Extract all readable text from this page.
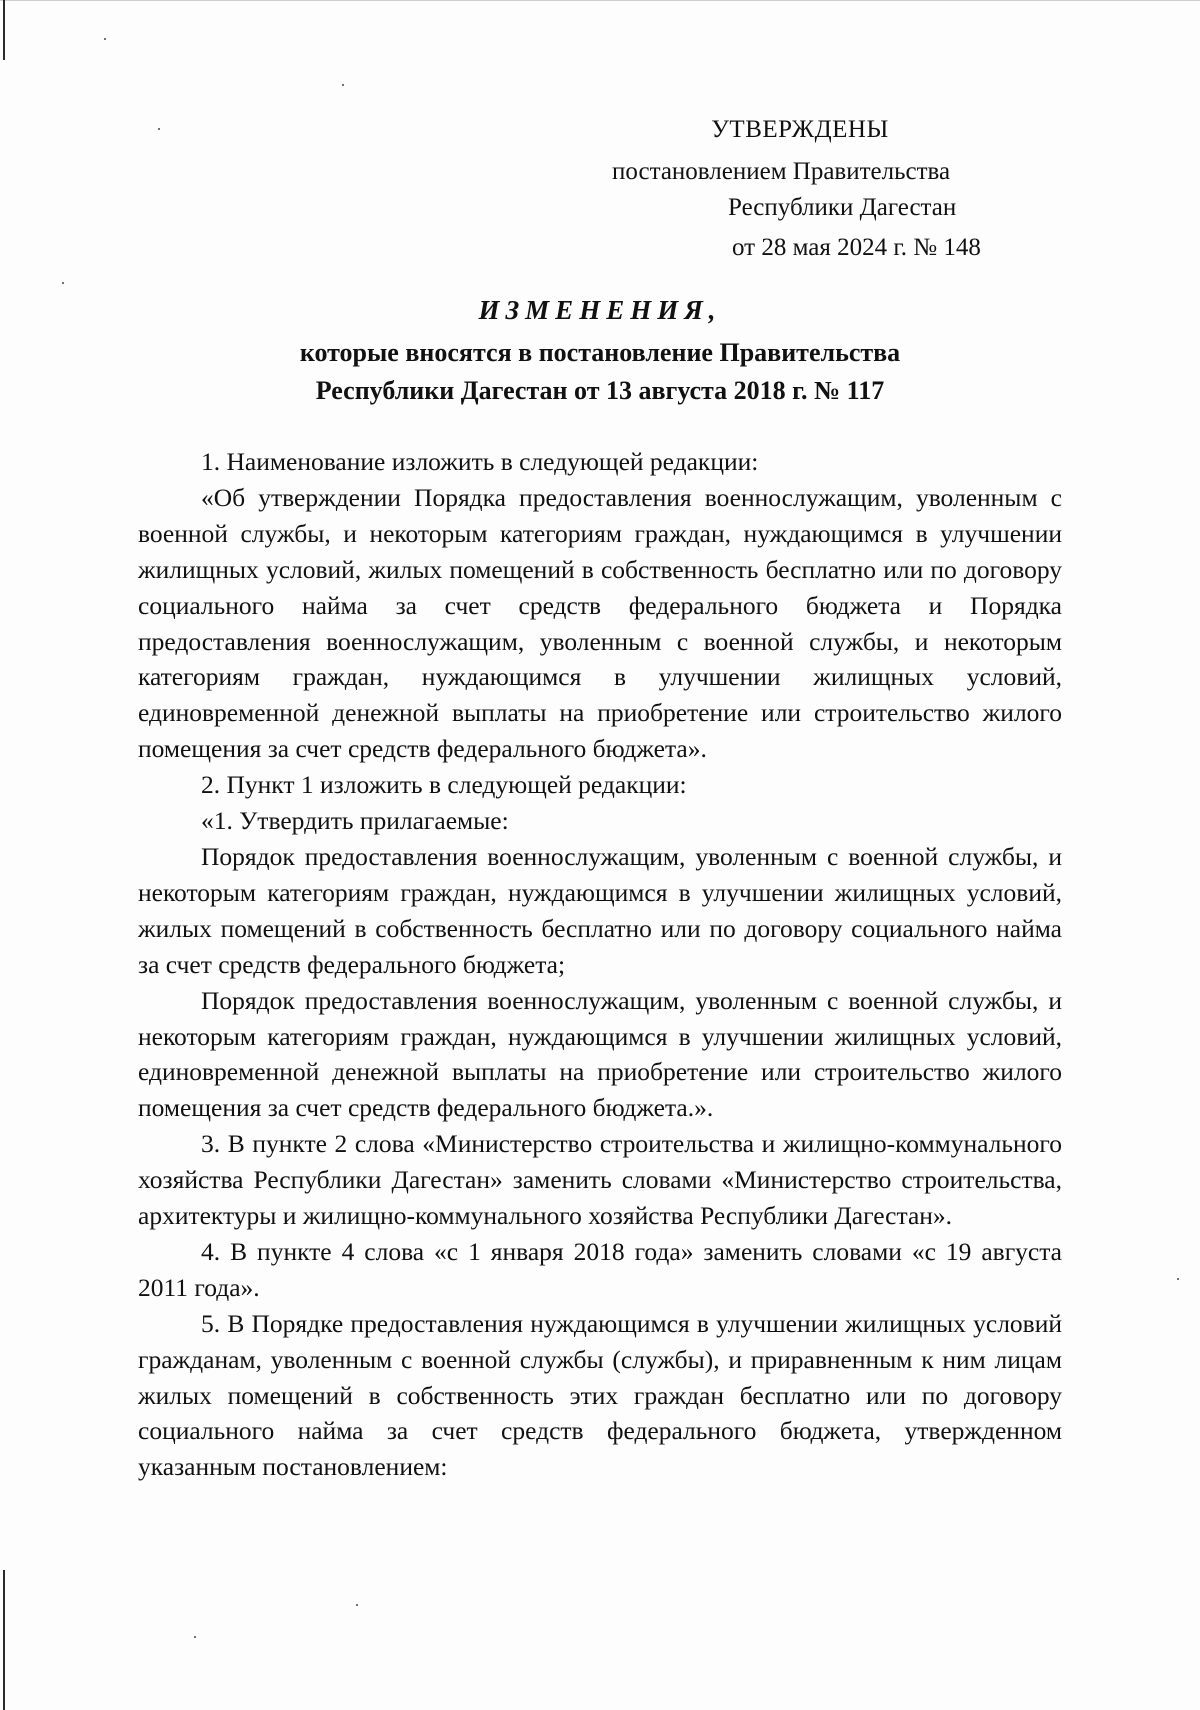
УТВЕРЖДЕНЫ
постановлением Правительства
Республики Дагестан
от 28 мая 2024 г. № 148
ИЗМЕНЕНИЯ,
которые вносятся в постановление Правительства
Республики Дагестан от 13 августа 2018 г. № 117

1. Наименование изложить в следующей редакции:

«Об утверждении Порядка предоставления военнослужащим, уволенным с военной службы, и некоторым категориям граждан, нуждающимся в улучшении жилищных условий, жилых помещений в собственность бесплатно или по договору социального найма за счет средств федерального бюджета и Порядка предоставления военнослужащим, уволенным с военной службы, и некоторым категориям граждан, нуждающимся в улучшении жилищных условий, единовременной денежной выплаты на приобретение или строительство жилого помещения за счет средств федерального бюджета».

2. Пункт 1 изложить в следующей редакции:

«1. Утвердить прилагаемые:

Порядок предоставления военнослужащим, уволенным с военной службы, и некоторым категориям граждан, нуждающимся в улучшении жилищных условий, жилых помещений в собственность бесплатно или по договору социального найма за счет средств федерального бюджета;

Порядок предоставления военнослужащим, уволенным с военной службы, и некоторым категориям граждан, нуждающимся в улучшении жилищных условий, единовременной денежной выплаты на приобретение или строительство жилого помещения за счет средств федерального бюджета.».

3. В пункте 2 слова «Министерство строительства и жилищно-коммунального хозяйства Республики Дагестан» заменить словами «Министерство строительства, архитектуры и жилищно-коммунального хозяйства Республики Дагестан».

4. В пункте 4 слова «с 1 января 2018 года» заменить словами «с 19 августа 2011 года».

5. В Порядке предоставления нуждающимся в улучшении жилищных условий гражданам, уволенным с военной службы (службы), и приравненным к ним лицам жилых помещений в собственность этих граждан бесплатно или по договору социального найма за счет средств федерального бюджета, утвержденном указанным постановлением:
